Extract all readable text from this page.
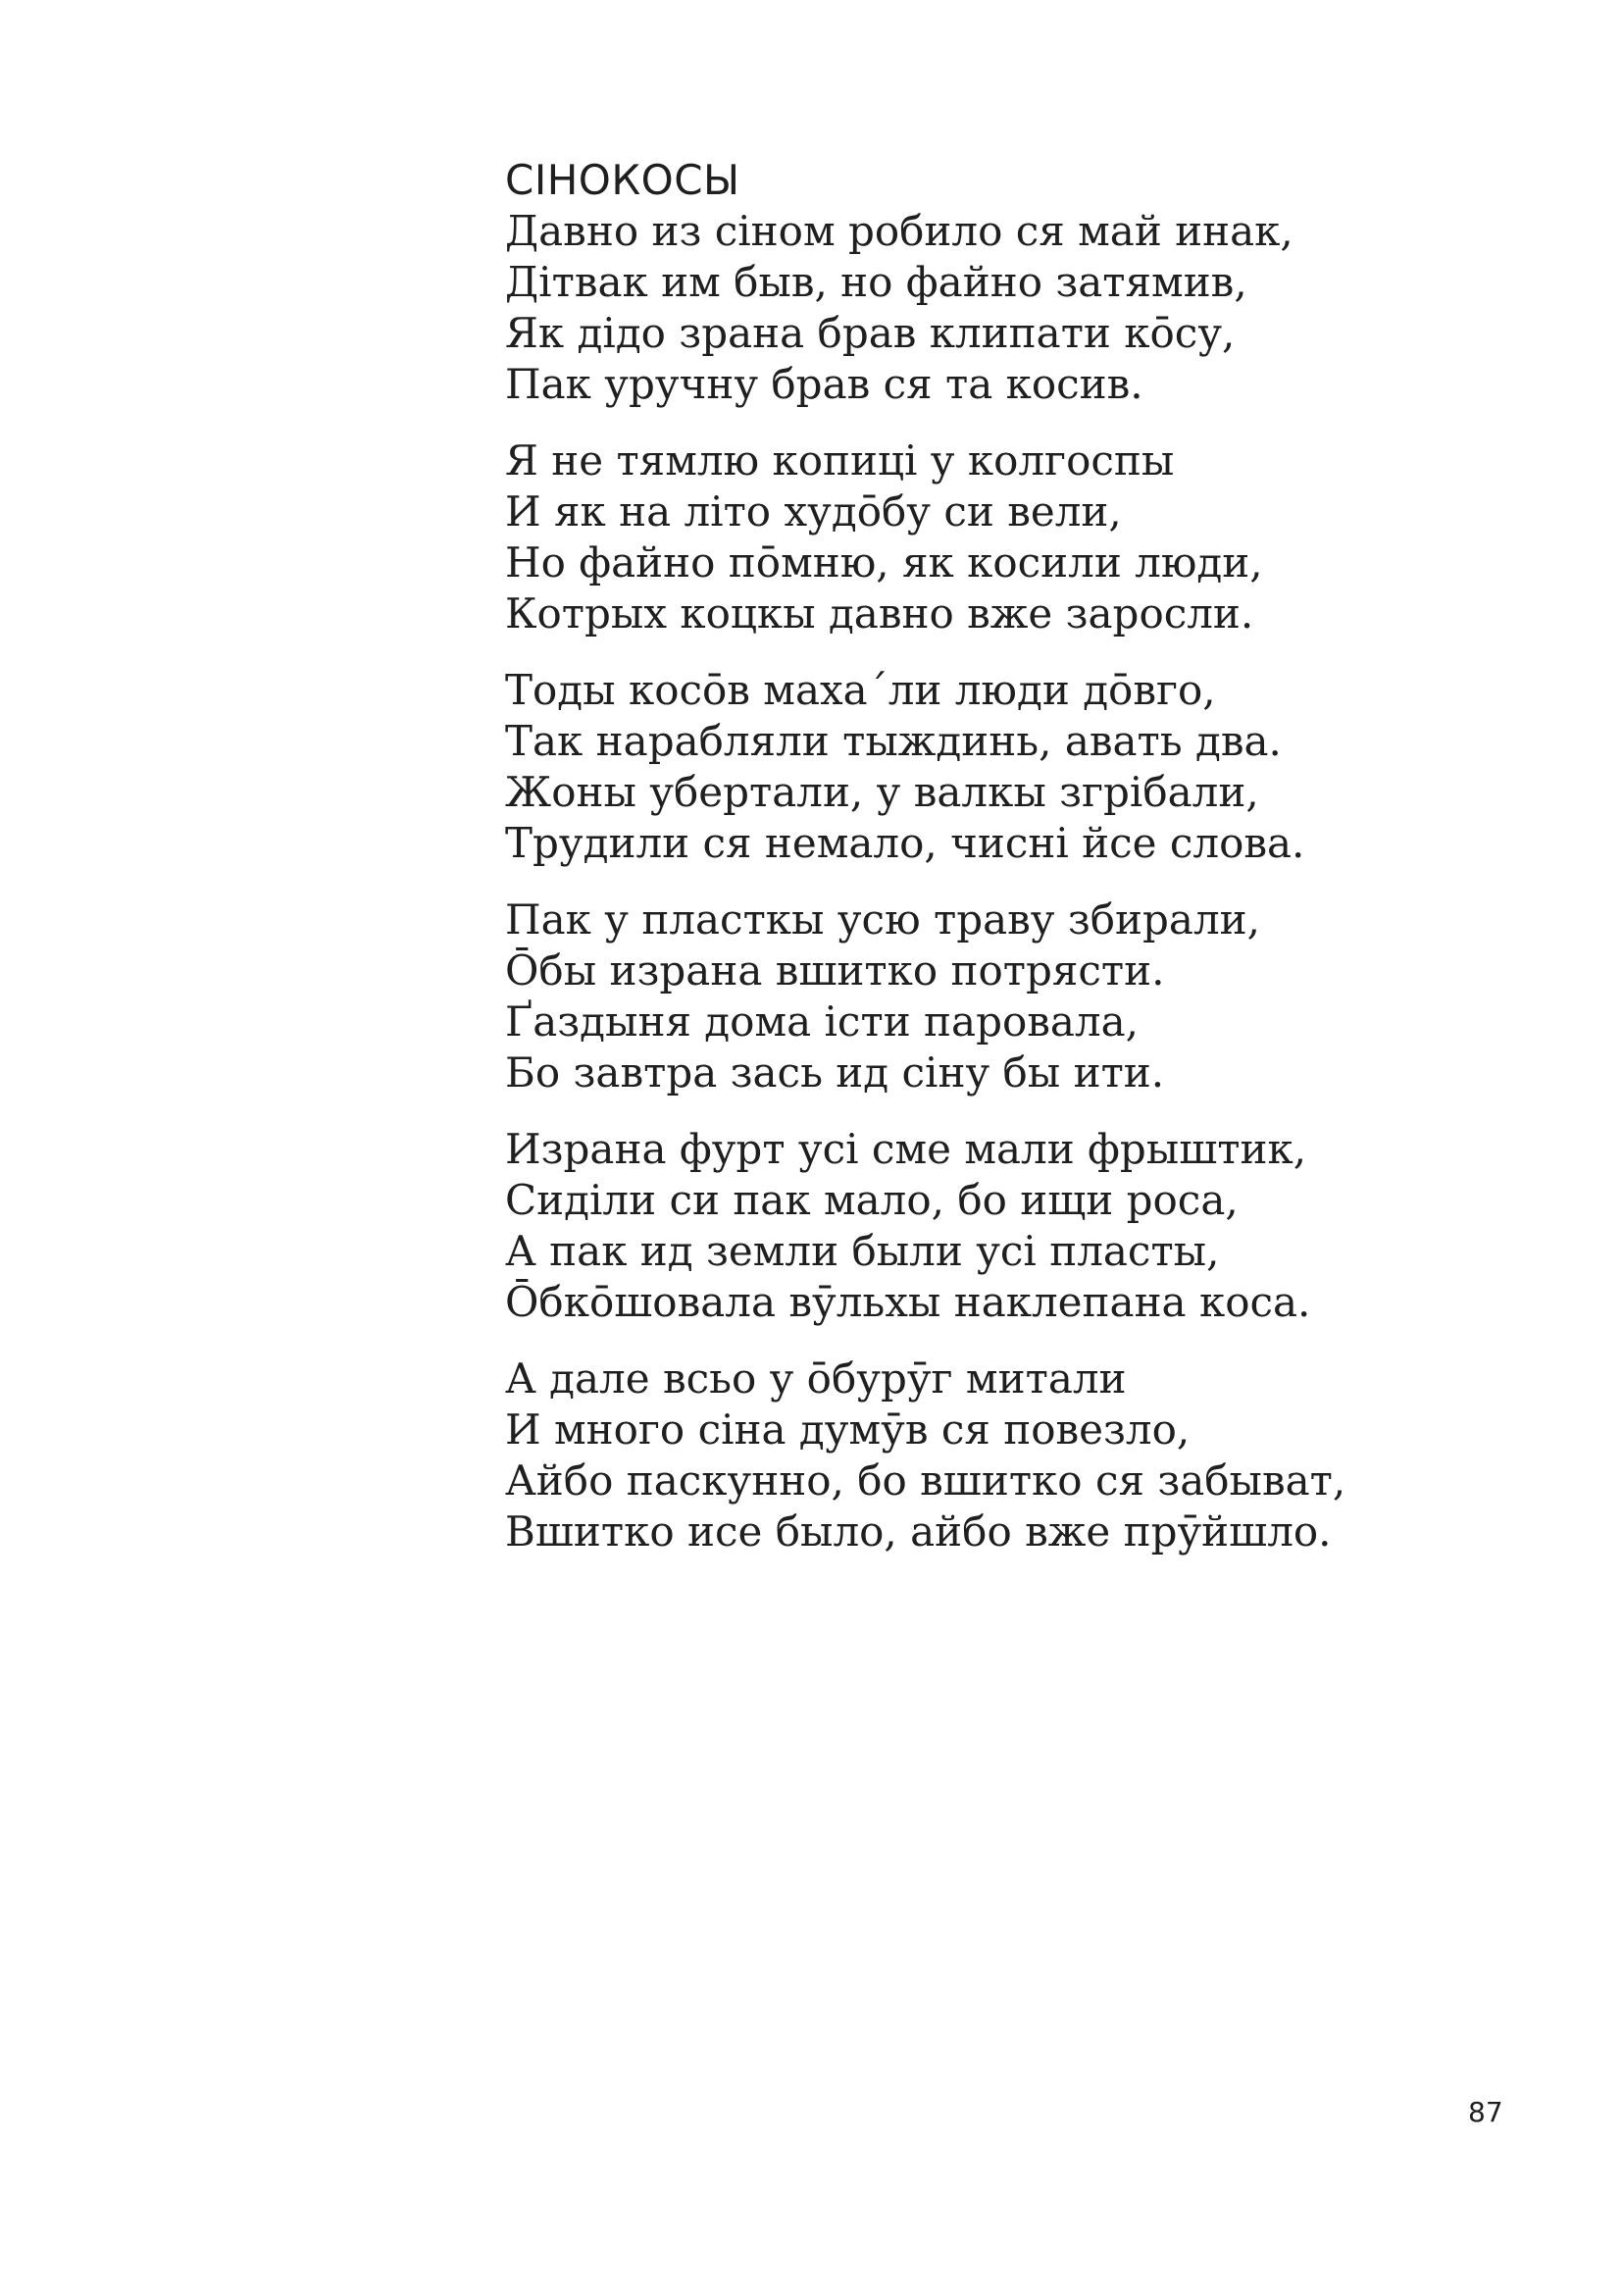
СІНОКОСЫ
Давно из сіном робило ся май инак,
Дітвак им быв, но файно затямив,
Як дідо зрана брав клипати кōсу,
Пак уручну брав ся та косив.
Я не тямлю копиці у колгоспы
И як на літо худōбу си вели,
Но файно пōмню, як косили люди,
Котрых коцкы давно вже заросли.
Тоды косōв маха´ли люди дōвго,
Так нарабляли тыждинь, авать два.
Жоны убертали, у валкы згрібали,
Трудили ся немало, чисні йсе слова.
Пак у пласткы усю траву збирали,
Ōбы израна вшитко потрясти.
Ґаздыня дома істи паровала,
Бо завтра зась ид сіну бы ити.
Израна фурт усі сме мали фрыштик,
Сиділи си пак мало, бо ищи роса,
А пак ид земли были усі пласты,
Ōбкōшовала вӯльхы наклепана коса.
А дале всьо у ōбурӯг митали
И много сіна думӯв ся повезло,
Айбо паскунно, бо вшитко ся забыват,
Вшитко исе было, айбо вже прӯйшло.
87
